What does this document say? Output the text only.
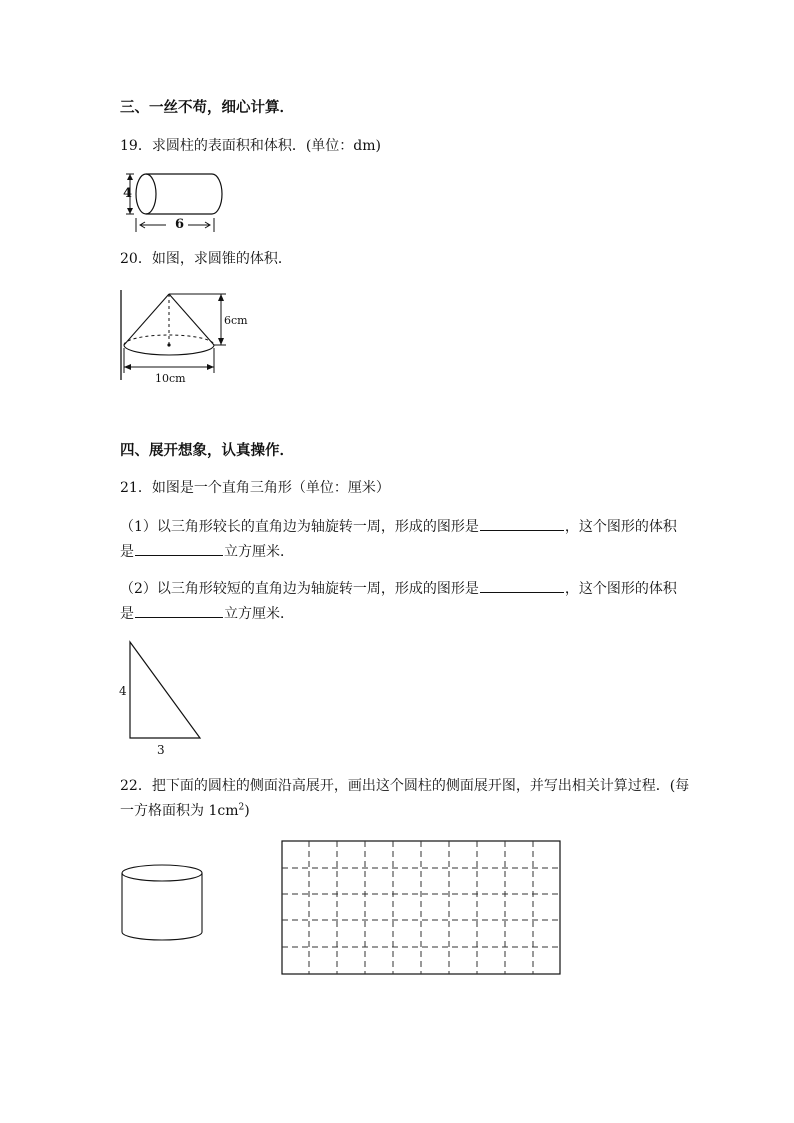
三、一丝不苟，细心计算．
19．求圆柱的表面积和体积．(单位：dm)
4
6
20．如图，求圆锥的体积．
6cm
10cm
四、展开想象，认真操作．
21．如图是一个直角三角形（单位：厘米）
（1）以三角形较长的直角边为轴旋转一周，形成的图形是	，这个图形的体积
是	立方厘米．
（2）以三角形较短的直角边为轴旋转一周，形成的图形是	，这个图形的体积
是	立方厘米．
4
3
22．把下面的圆柱的侧面沿高展开，画出这个圆柱的侧面展开图，并写出相关计算过程．(每
一方格面积为 $1cm^2$)
